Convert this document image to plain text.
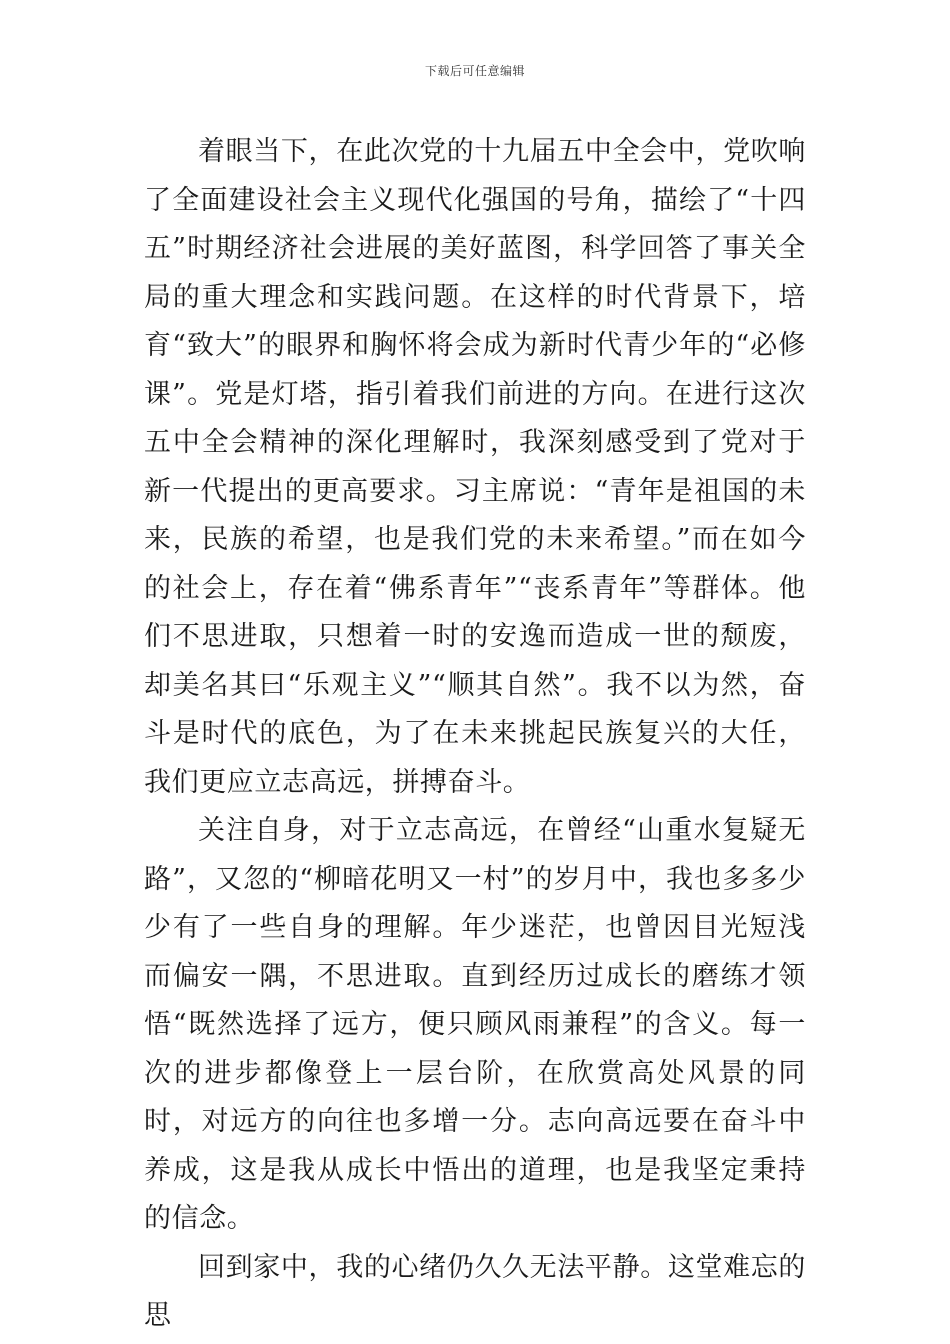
下载后可任意编辑

着眼当下，在此次党的十九届五中全会中，党吹响了全面建设社会主义现代化强国的号角，描绘了“十四五”时期经济社会进展的美好蓝图，科学回答了事关全局的重大理念和实践问题。在这样的时代背景下，培育“致大”的眼界和胸怀将会成为新时代青少年的“必修课”。党是灯塔，指引着我们前进的方向。在进行这次五中全会精神的深化理解时，我深刻感受到了党对于新一代提出的更高要求。习主席说：“青年是祖国的未来，民族的希望，也是我们党的未来希望。”而在如今的社会上，存在着“佛系青年”“丧系青年”等群体。他们不思进取，只想着一时的安逸而造成一世的颓废，却美名其曰“乐观主义”“顺其自然”。我不以为然，奋斗是时代的底色，为了在未来挑起民族复兴的大任，我们更应立志高远，拼搏奋斗。

关注自身，对于立志高远，在曾经“山重水复疑无路”，又忽的“柳暗花明又一村”的岁月中，我也多多少少有了一些自身的理解。年少迷茫，也曾因目光短浅而偏安一隅，不思进取。直到经历过成长的磨练才领悟“既然选择了远方，便只顾风雨兼程”的含义。每一次的进步都像登上一层台阶，在欣赏高处风景的同时，对远方的向往也多增一分。志向高远要在奋斗中养成，这是我从成长中悟出的道理，也是我坚定秉持的信念。

回到家中，我的心绪仍久久无法平静。这堂难忘的思
